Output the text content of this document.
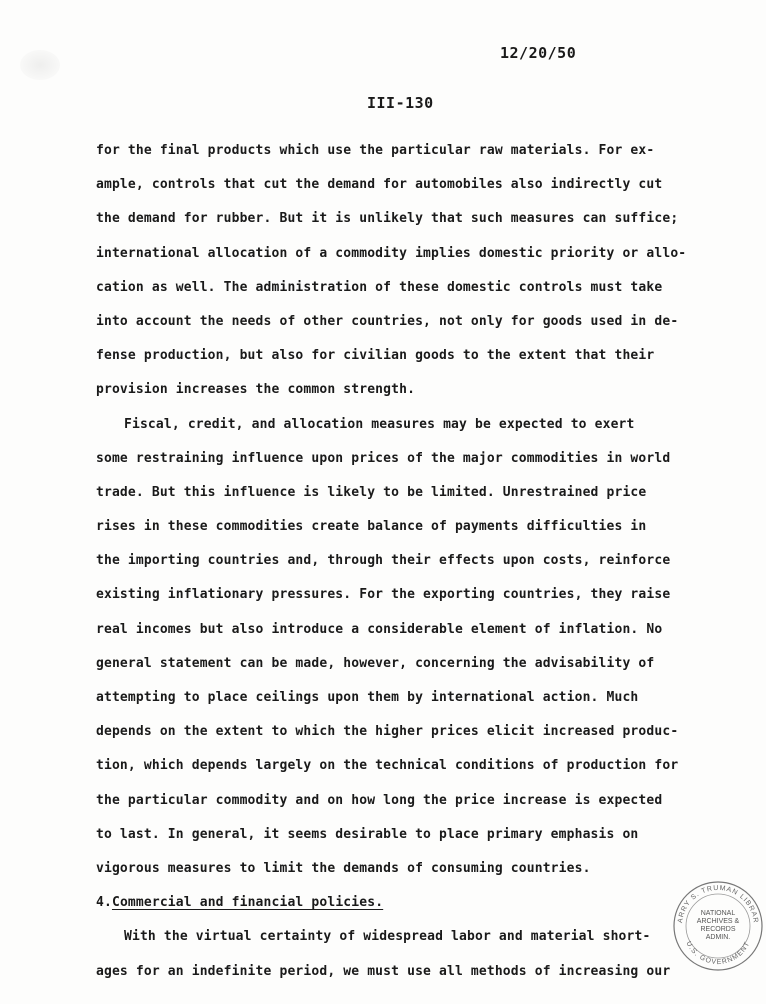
12/20/50
III-130
for the final products which use the particular raw materials. For ex-
ample, controls that cut the demand for automobiles also indirectly cut
the demand for rubber. But it is unlikely that such measures can suffice;
international allocation of a commodity implies domestic priority or allo-
cation as well. The administration of these domestic controls must take
into account the needs of other countries, not only for goods used in de-
fense production, but also for civilian goods to the extent that their
provision increases the common strength.
Fiscal, credit, and allocation measures may be expected to exert
some restraining influence upon prices of the major commodities in world
trade. But this influence is likely to be limited. Unrestrained price
rises in these commodities create balance of payments difficulties in
the importing countries and, through their effects upon costs, reinforce
existing inflationary pressures. For the exporting countries, they raise
real incomes but also introduce a considerable element of inflation. No
general statement can be made, however, concerning the advisability of
attempting to place ceilings upon them by international action. Much
depends on the extent to which the higher prices elicit increased produc-
tion, which depends largely on the technical conditions of production for
the particular commodity and on how long the price increase is expected
to last. In general, it seems desirable to place primary emphasis on
vigorous measures to limit the demands of consuming countries.
4.Commercial and financial policies.
With the virtual certainty of widespread labor and material short-
ages for an indefinite period, we must use all methods of increasing our
ARRY S. TRUMAN LIBRAR
U.S. GOVERNMENT
NATIONAL
ARCHIVES &
RECORDS
ADMIN.
